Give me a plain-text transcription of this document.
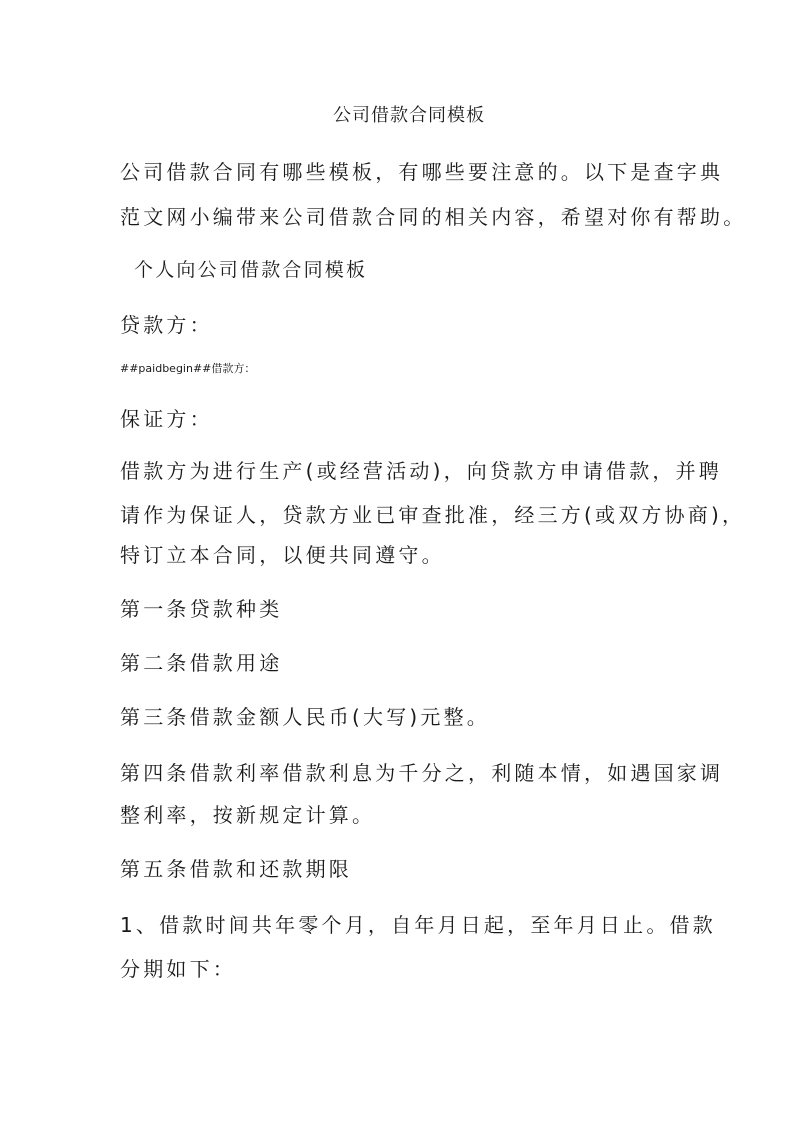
公司借款合同模板
公司借款合同有哪些模板，有哪些要注意的。以下是查字典
范文网小编带来公司借款合同的相关内容，希望对你有帮助。
个人向公司借款合同模板
贷款方：
##paidbegin##借款方：
保证方：
借款方为进行生产(或经营活动)，向贷款方申请借款，并聘
请作为保证人，贷款方业已审查批准，经三方(或双方协商)，
特订立本合同，以便共同遵守。
第一条贷款种类
第二条借款用途
第三条借款金额人民币(大写)元整。
第四条借款利率借款利息为千分之，利随本情，如遇国家调
整利率，按新规定计算。
第五条借款和还款期限
1、借款时间共年零个月，自年月日起，至年月日止。借款
分期如下：
